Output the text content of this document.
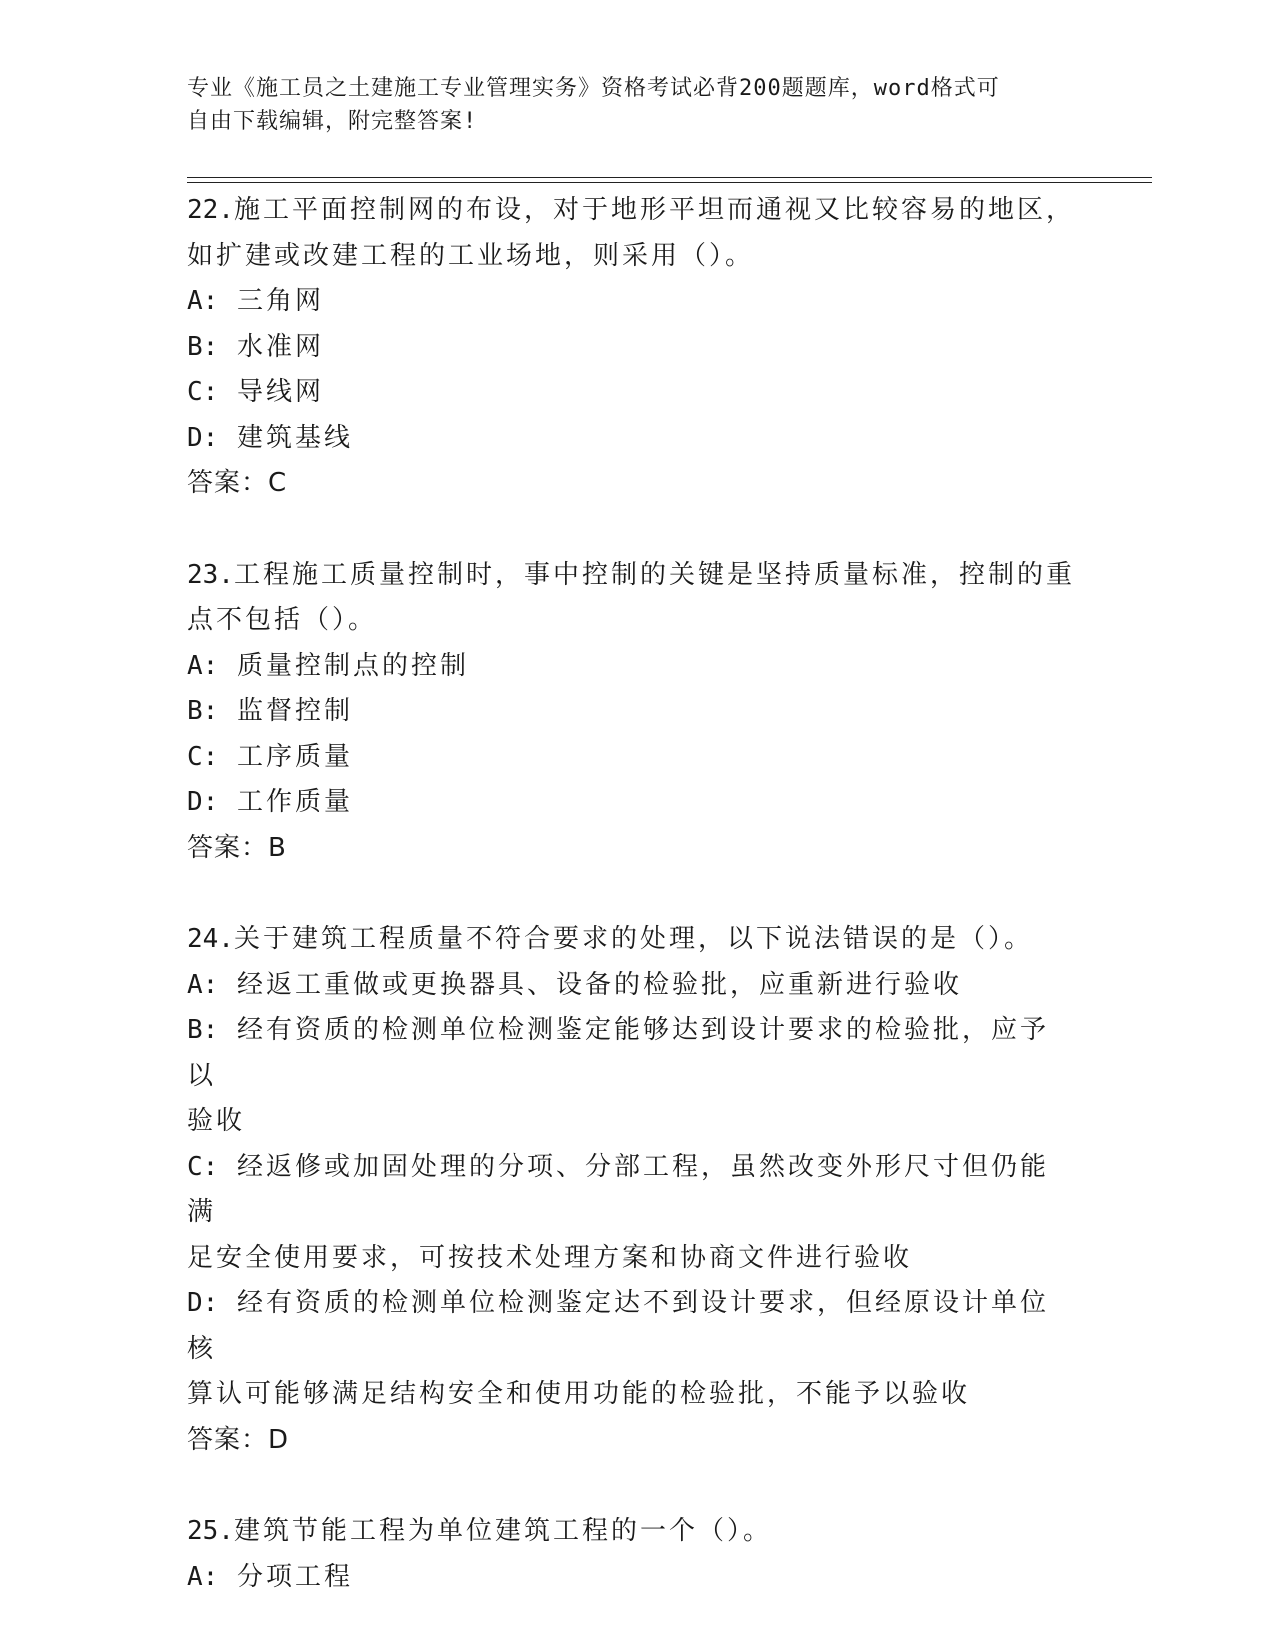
专业《施工员之土建施工专业管理实务》资格考试必背200题题库，word格式可
自由下载编辑，附完整答案!

22.施工平面控制网的布设，对于地形平坦而通视又比较容易的地区，

如扩建或改建工程的工业场地，则采用（）。

A: 三角网

B: 水准网

C: 导线网

D: 建筑基线

答案：C

23.工程施工质量控制时，事中控制的关键是坚持质量标准，控制的重

点不包括（）。

A: 质量控制点的控制

B: 监督控制

C: 工序质量

D: 工作质量

答案：B

24.关于建筑工程质量不符合要求的处理，以下说法错误的是（）。

A: 经返工重做或更换器具、设备的检验批，应重新进行验收

B: 经有资质的检测单位检测鉴定能够达到设计要求的检验批，应予以

验收

C: 经返修或加固处理的分项、分部工程，虽然改变外形尺寸但仍能满

足安全使用要求，可按技术处理方案和协商文件进行验收

D: 经有资质的检测单位检测鉴定达不到设计要求，但经原设计单位核

算认可能够满足结构安全和使用功能的检验批，不能予以验收

答案：D

25.建筑节能工程为单位建筑工程的一个（）。

A: 分项工程
